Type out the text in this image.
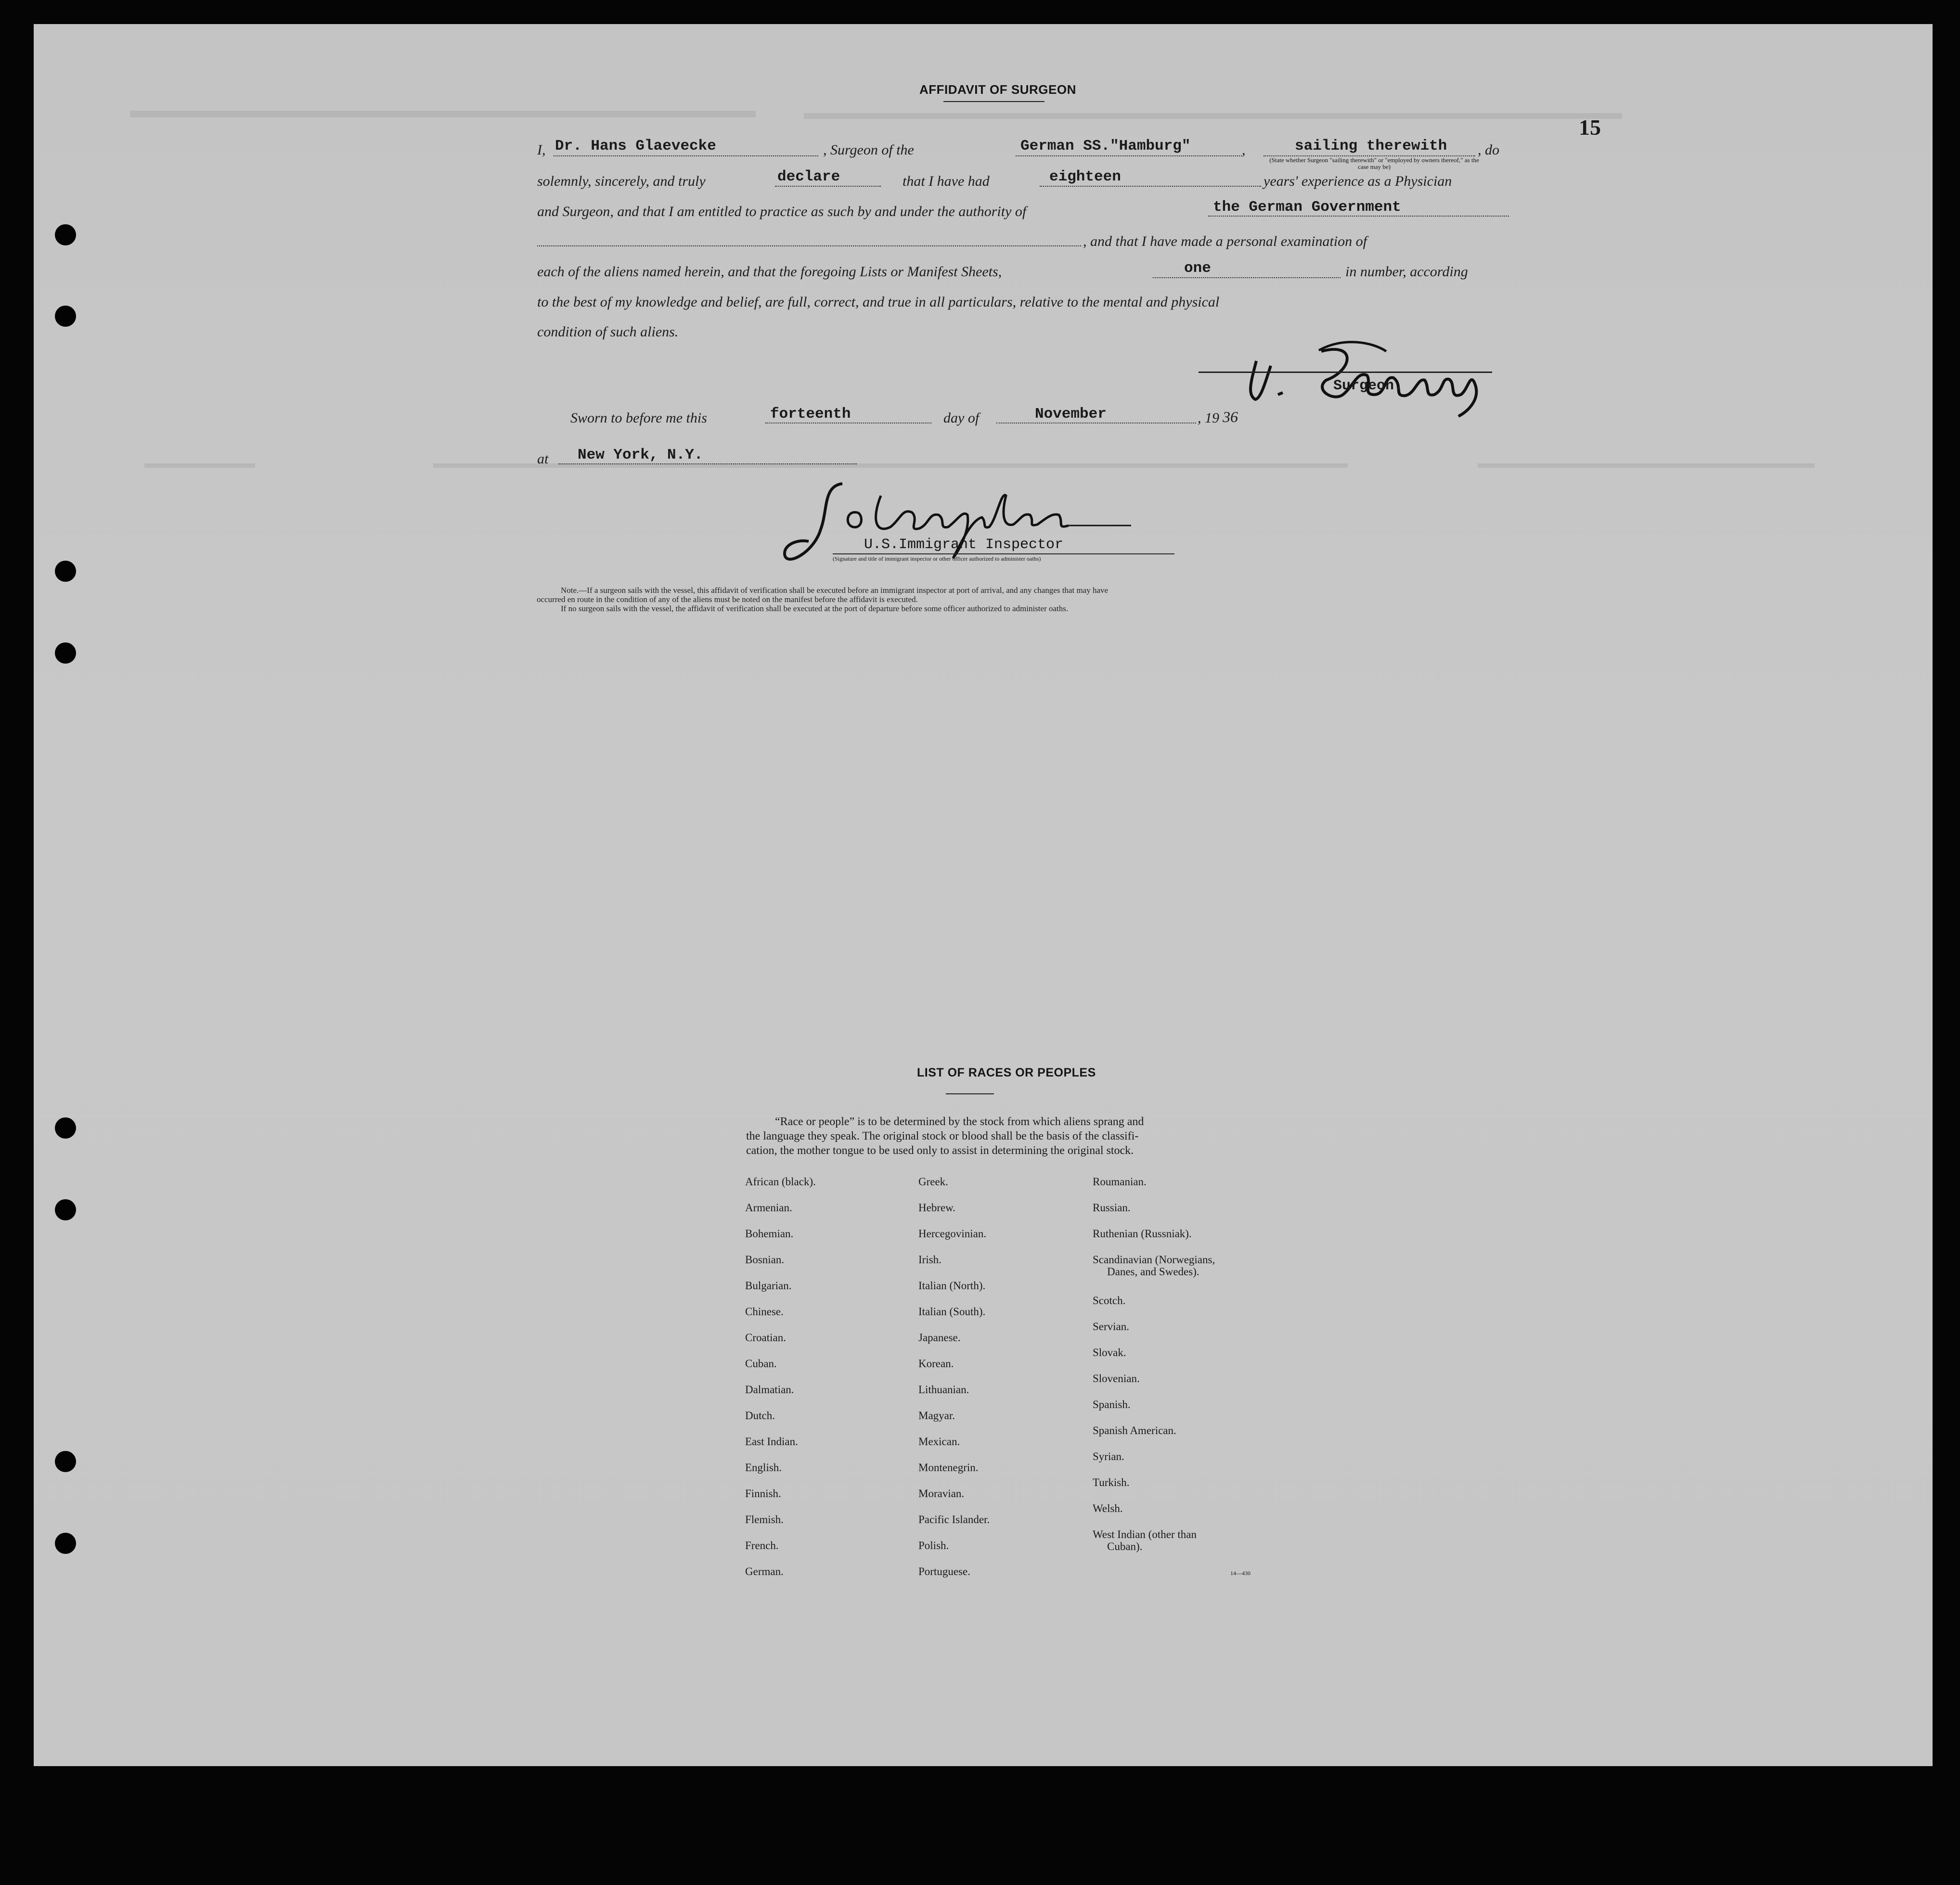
15
AFFIDAVIT OF SURGEON
I, Dr. Hans Glaevecke	, Surgeon of the	German SS."Hamburg"	,	sailing therewith
(State whether Surgeon "sailing therewith" or "employed by owners thereof," as the case may be)
, do
solemnly, sincerely, and truly	declare	that I have had	eighteen	years' experience as a Physician
and Surgeon, and that I am entitled to practice as such by and under the authority of	the German Government
, and that I have made a personal examination of
each of the aliens named herein, and that the foregoing Lists or Manifest Sheets,	one	in number, according
to the best of my knowledge and belief, are full, correct, and true in all particulars, relative to the mental and physical
condition of such aliens.
Surgeon.
Sworn to before me this	forteenth	day of	November	, 19 36
at New York, N.Y.
U.S.Immigrant Inspector
(Signature and title of immigrant inspector or other officer authorized to administer oaths)
Note.—If a surgeon sails with the vessel, this affidavit of verification shall be executed before an immigrant inspector at port of arrival, and any changes that may have
occurred en route in the condition of any of the aliens must be noted on the manifest before the affidavit is executed.
If no surgeon sails with the vessel, the affidavit of verification shall be executed at the port of departure before some officer authorized to administer oaths.
LIST OF RACES OR PEOPLES
“Race or people” is to be determined by the stock from which aliens sprang and
the language they speak. The original stock or blood shall be the basis of the classifi-
cation, the mother tongue to be used only to assist in determining the original stock.
African (black).
Armenian.
Bohemian.
Bosnian.
Bulgarian.
Chinese.
Croatian.
Cuban.
Dalmatian.
Dutch.
East Indian.
English.
Finnish.
Flemish.
French.
German.
Greek.
Hebrew.
Hercegovinian.
Irish.
Italian (North).
Italian (South).
Japanese.
Korean.
Lithuanian.
Magyar.
Mexican.
Montenegrin.
Moravian.
Pacific Islander.
Polish.
Portuguese.
Roumanian.
Russian.
Ruthenian (Russniak).
Scandinavian (Norwegians,
Danes, and Swedes).
Scotch.
Servian.
Slovak.
Slovenian.
Spanish.
Spanish American.
Syrian.
Turkish.
Welsh.
West Indian (other than
Cuban).
14—430
